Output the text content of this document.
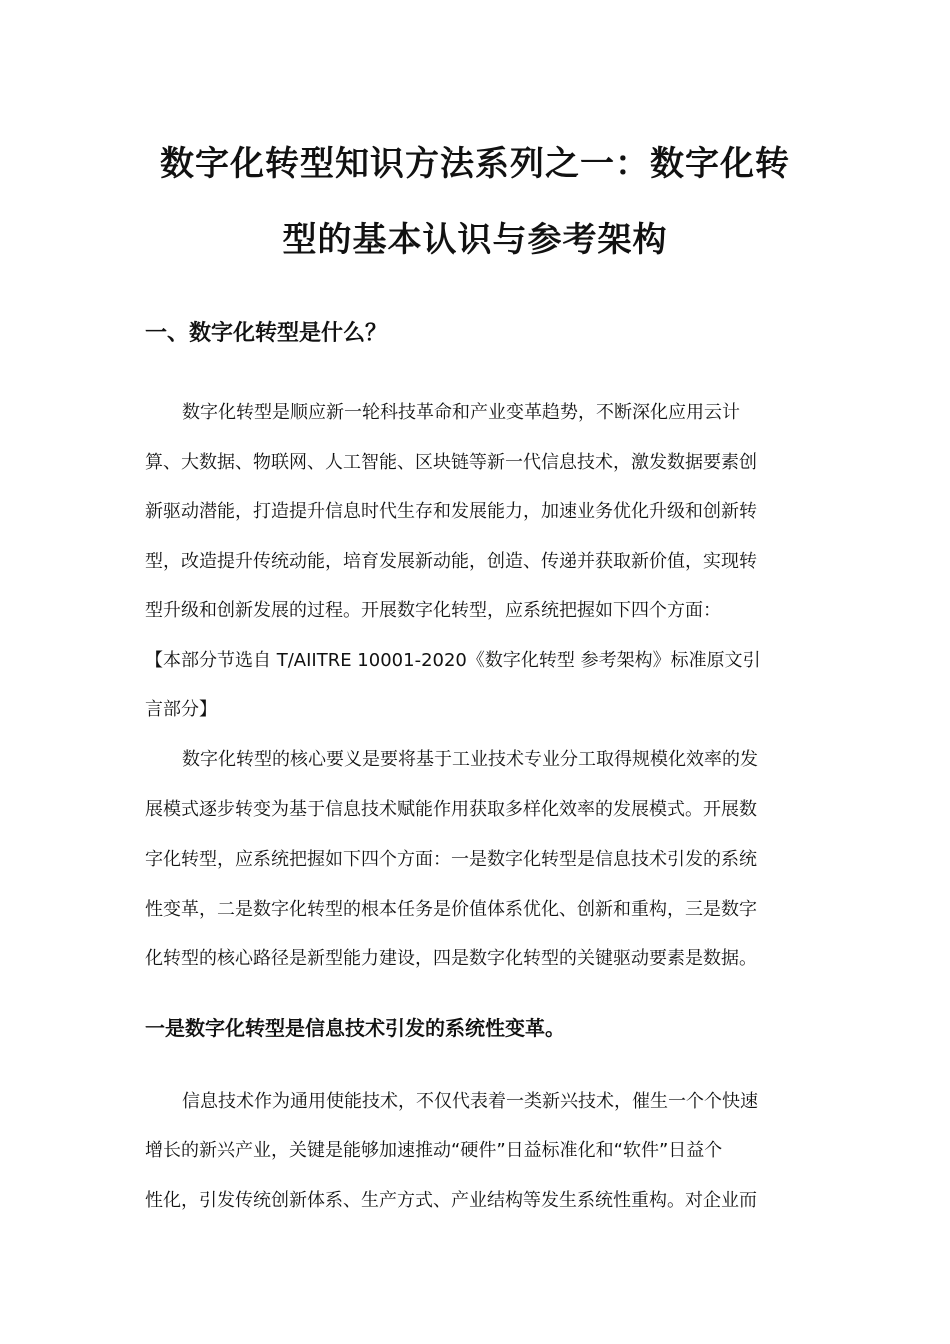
数字化转型知识方法系列之一：数字化转
型的基本认识与参考架构
一、数字化转型是什么？
数字化转型是顺应新一轮科技革命和产业变革趋势，不断深化应用云计
算、大数据、物联网、人工智能、区块链等新一代信息技术，激发数据要素创
新驱动潜能，打造提升信息时代生存和发展能力，加速业务优化升级和创新转
型，改造提升传统动能，培育发展新动能，创造、传递并获取新价值，实现转
型升级和创新发展的过程。开展数字化转型，应系统把握如下四个方面：
【本部分节选自 T/AIITRE 10001-2020《数字化转型 参考架构》标准原文引
言部分】
数字化转型的核心要义是要将基于工业技术专业分工取得规模化效率的发
展模式逐步转变为基于信息技术赋能作用获取多样化效率的发展模式。开展数
字化转型，应系统把握如下四个方面：一是数字化转型是信息技术引发的系统
性变革，二是数字化转型的根本任务是价值体系优化、创新和重构，三是数字
化转型的核心路径是新型能力建设，四是数字化转型的关键驱动要素是数据。
一是数字化转型是信息技术引发的系统性变革。
信息技术作为通用使能技术，不仅代表着一类新兴技术，催生一个个快速
增长的新兴产业，关键是能够加速推动“硬件”日益标准化和“软件”日益个
性化，引发传统创新体系、生产方式、产业结构等发生系统性重构。对企业而
